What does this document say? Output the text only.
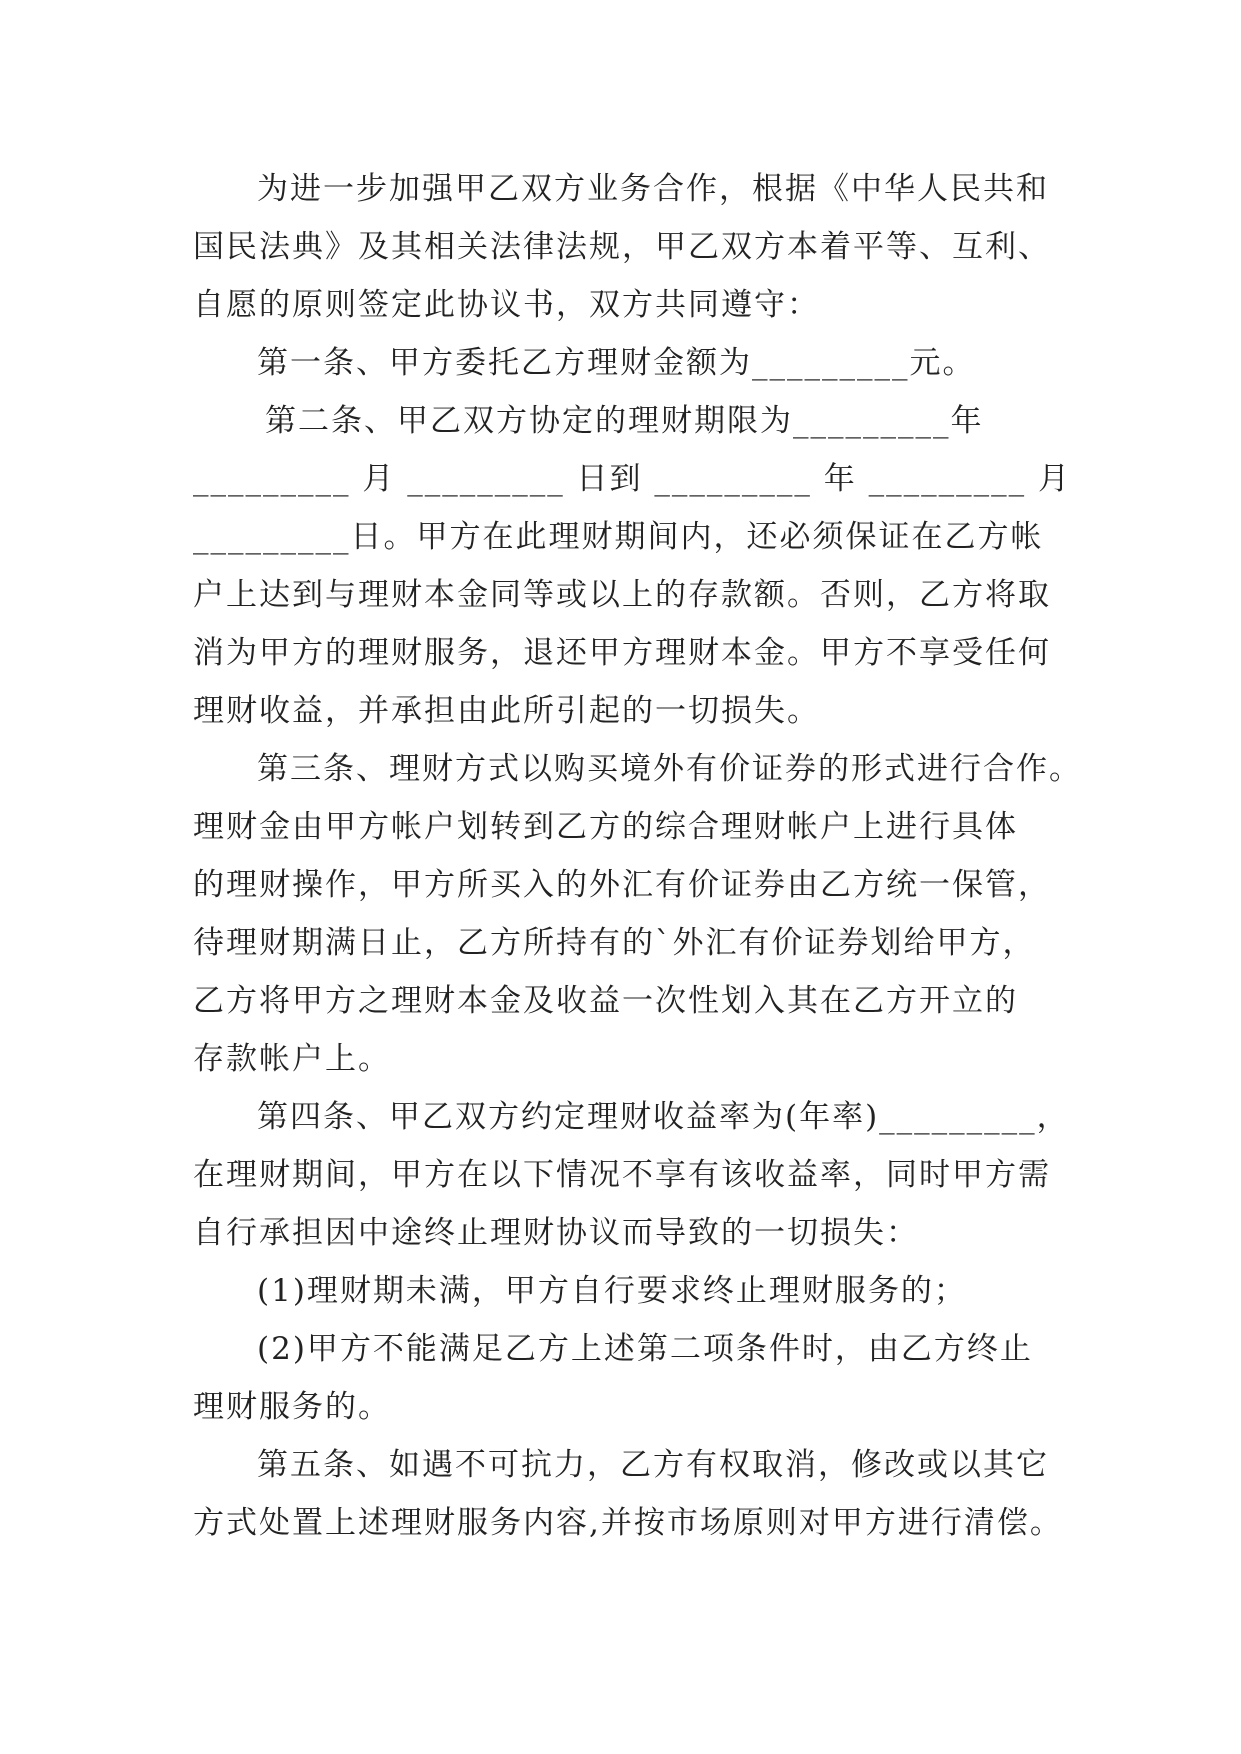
为进一步加强甲乙双方业务合作，根据《中华人民共和
国民法典》及其相关法律法规，甲乙双方本着平等、互利、
自愿的原则签定此协议书，双方共同遵守：
第一条、甲方委托乙方理财金额为_________元。
第二条、甲乙双方协定的理财期限为_________年
_________ 月 _________ 日到 _________ 年 _________ 月
_________日。甲方在此理财期间内，还必须保证在乙方帐
户上达到与理财本金同等或以上的存款额。否则，乙方将取
消为甲方的理财服务，退还甲方理财本金。甲方不享受任何
理财收益，并承担由此所引起的一切损失。
第三条、理财方式以购买境外有价证券的形式进行合作。
理财金由甲方帐户划转到乙方的综合理财帐户上进行具体
的理财操作，甲方所买入的外汇有价证券由乙方统一保管，
待理财期满日止，乙方所持有的`外汇有价证券划给甲方，
乙方将甲方之理财本金及收益一次性划入其在乙方开立的
存款帐户上。
第四条、甲乙双方约定理财收益率为(年率)_________，
在理财期间，甲方在以下情况不享有该收益率，同时甲方需
自行承担因中途终止理财协议而导致的一切损失：
(1)理财期未满，甲方自行要求终止理财服务的；
(2)甲方不能满足乙方上述第二项条件时，由乙方终止
理财服务的。
第五条、如遇不可抗力，乙方有权取消，修改或以其它
方式处置上述理财服务内容,并按市场原则对甲方进行清偿。
